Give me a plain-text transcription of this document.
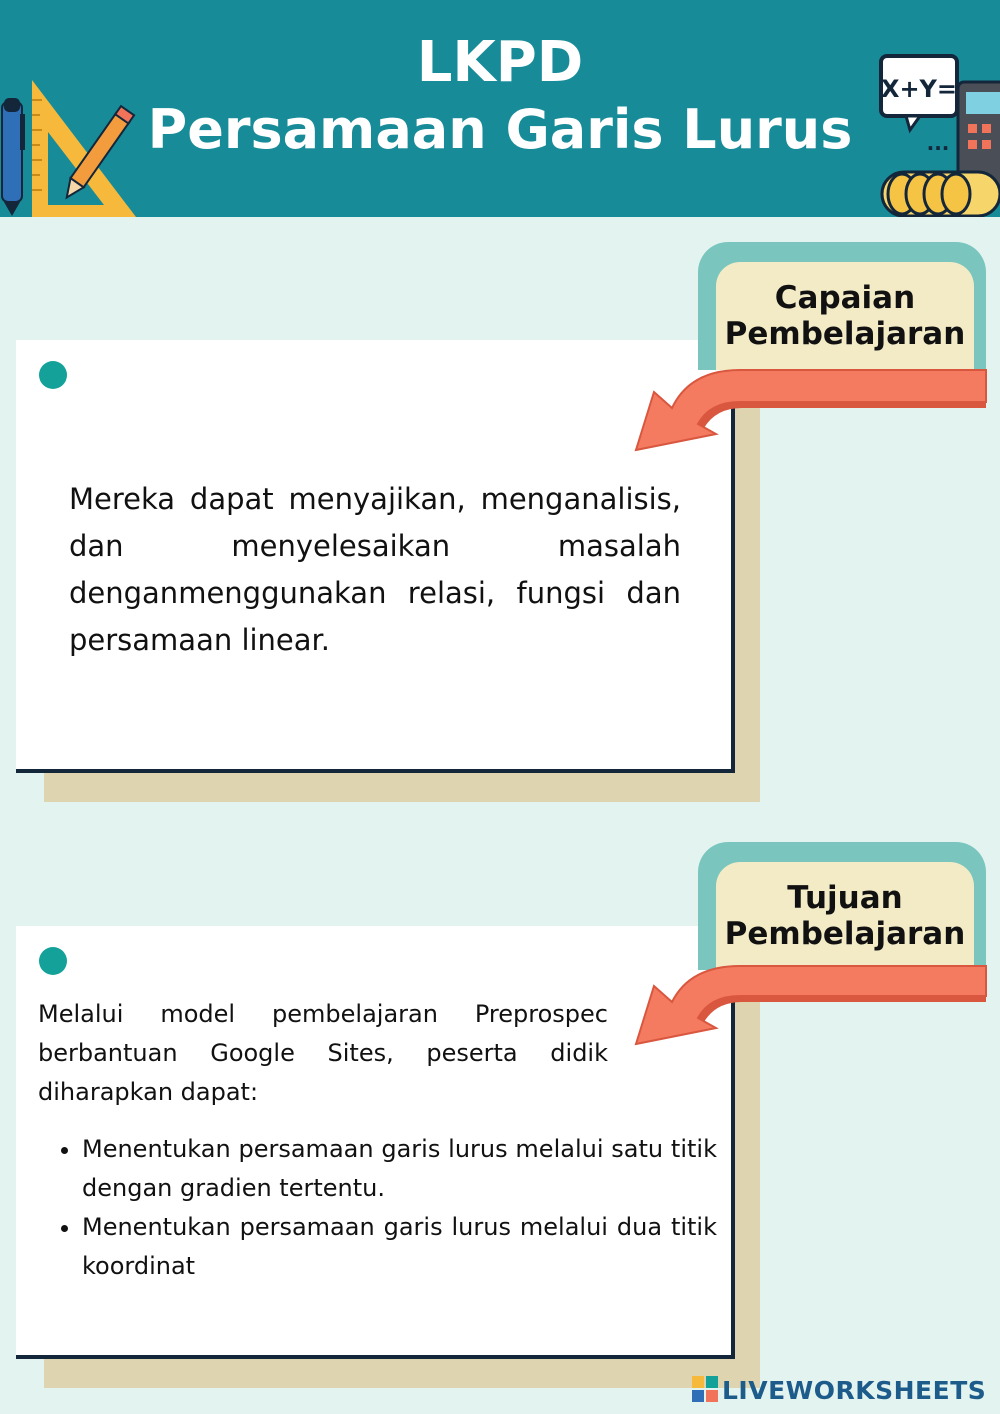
LKPD
Persamaan Garis Lurus
X+Y=
...

Capaian
Pembelajaran

Mereka dapat menyajikan, menganalisis, dan menyelesaikan masalah denganmenggunakan relasi, fungsi dan persamaan linear.

Tujuan
Pembelajaran

Melalui model pembelajaran Preprospec berbantuan Google Sites, peserta didik diharapkan dapat:

• Menentukan persamaan garis lurus melalui satu titik dengan gradien tertentu.
• Menentukan persamaan garis lurus melalui dua titik koordinat
LIVEWORKSHEETS
